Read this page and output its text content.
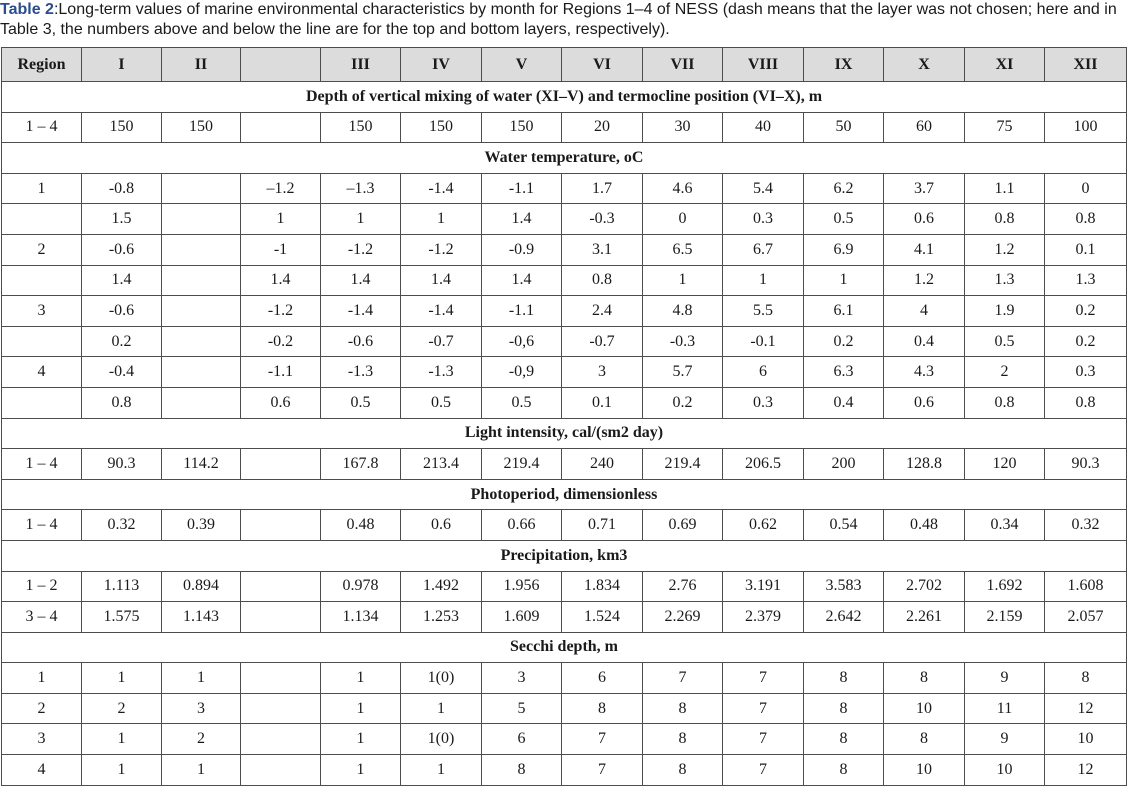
Table 2:Long-term values of marine environmental characteristics by month for Regions 1–4 of NESS (dash means that the layer was not chosen; here and in Table 3, the numbers above and below the line are for the top and bottom layers, respectively).
Region	I	II		III	IV	V	VI	VII	VIII	IX	X	XI	XII
Depth of vertical mixing of water (XI–V) and termocline position (VI–X), m													
1 – 4	150	150		150	150	150	20	30	40	50	60	75	100
Water temperature, oC													
1	-0.8		–1.2	–1.3	-1.4	-1.1	1.7	4.6	5.4	6.2	3.7	1.1	0
	1.5		1	1	1	1.4	-0.3	0	0.3	0.5	0.6	0.8	0.8
2	-0.6		-1	-1.2	-1.2	-0.9	3.1	6.5	6.7	6.9	4.1	1.2	0.1
	1.4		1.4	1.4	1.4	1.4	0.8	1	1	1	1.2	1.3	1.3
3	-0.6		-1.2	-1.4	-1.4	-1.1	2.4	4.8	5.5	6.1	4	1.9	0.2
	0.2		-0.2	-0.6	-0.7	-0,6	-0.7	-0.3	-0.1	0.2	0.4	0.5	0.2
4	-0.4		-1.1	-1.3	-1.3	-0,9	3	5.7	6	6.3	4.3	2	0.3
	0.8		0.6	0.5	0.5	0.5	0.1	0.2	0.3	0.4	0.6	0.8	0.8
Light intensity, cal/(sm2 day)													
1 – 4	90.3	114.2		167.8	213.4	219.4	240	219.4	206.5	200	128.8	120	90.3
Photoperiod, dimensionless													
1 – 4	0.32	0.39		0.48	0.6	0.66	0.71	0.69	0.62	0.54	0.48	0.34	0.32
Precipitation, km3													
1 – 2	1.113	0.894		0.978	1.492	1.956	1.834	2.76	3.191	3.583	2.702	1.692	1.608
3 – 4	1.575	1.143		1.134	1.253	1.609	1.524	2.269	2.379	2.642	2.261	2.159	2.057
Secchi depth, m													
1	1	1		1	1(0)	3	6	7	7	8	8	9	8
2	2	3		1	1	5	8	8	7	8	10	11	12
3	1	2		1	1(0)	6	7	8	7	8	8	9	10
4	1	1		1	1	8	7	8	7	8	10	10	12
